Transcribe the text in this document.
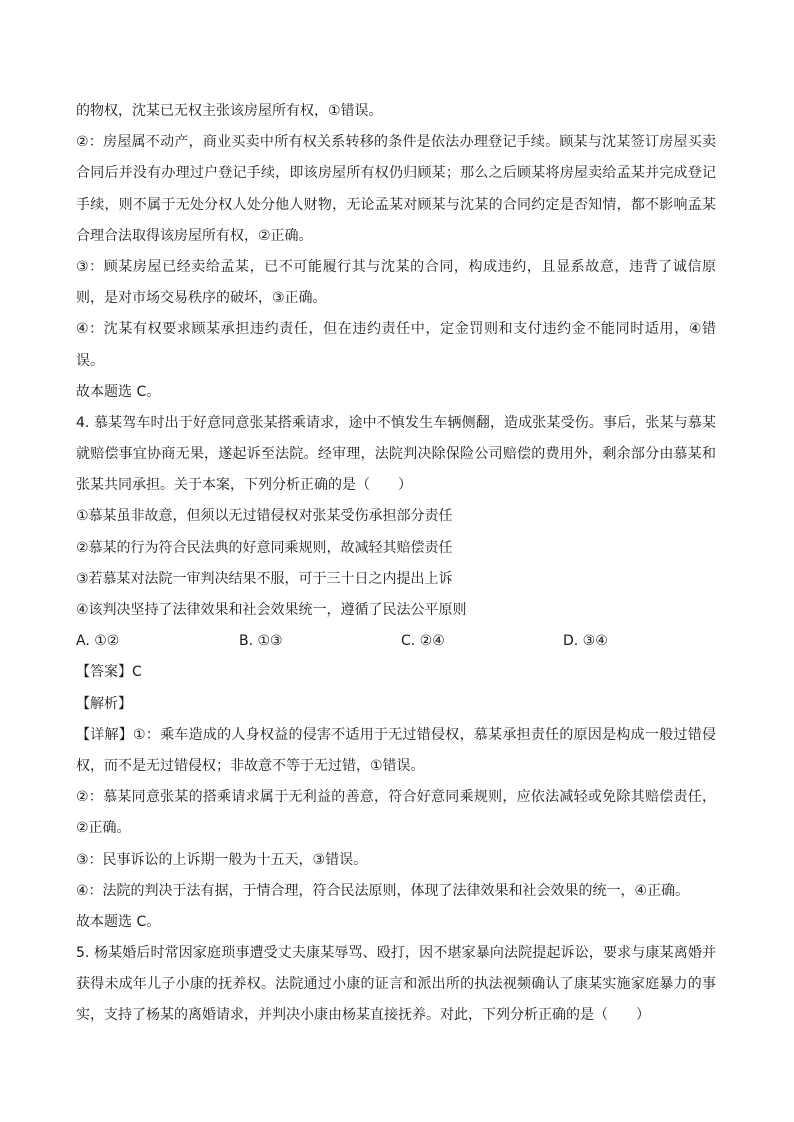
的物权，沈某已无权主张该房屋所有权，①错误。
②：房屋属不动产，商业买卖中所有权关系转移的条件是依法办理登记手续。顾某与沈某签订房屋买卖
合同后并没有办理过户登记手续，即该房屋所有权仍归顾某；那么之后顾某将房屋卖给孟某并完成登记
手续，则不属于无处分权人处分他人财物，无论孟某对顾某与沈某的合同约定是否知情，都不影响孟某
合理合法取得该房屋所有权，②正确。
③：顾某房屋已经卖给孟某，已不可能履行其与沈某的合同，构成违约，且显系故意，违背了诚信原
则，是对市场交易秩序的破坏，③正确。
④：沈某有权要求顾某承担违约责任，但在违约责任中，定金罚则和支付违约金不能同时适用，④错
误。
故本题选 C。
4. 慕某驾车时出于好意同意张某搭乘请求，途中不慎发生车辆侧翻，造成张某受伤。事后，张某与慕某
就赔偿事宜协商无果，遂起诉至法院。经审理，法院判决除保险公司赔偿的费用外，剩余部分由慕某和
张某共同承担。关于本案，下列分析正确的是（　　）
①慕某虽非故意，但须以无过错侵权对张某受伤承担部分责任
②慕某的行为符合民法典的好意同乘规则，故减轻其赔偿责任
③若慕某对法院一审判决结果不服，可于三十日之内提出上诉
④该判决坚持了法律效果和社会效果统一，遵循了民法公平原则
A. ①②	B. ①③	C. ②④	D. ③④
【答案】C
【解析】
【详解】①：乘车造成的人身权益的侵害不适用于无过错侵权，慕某承担责任的原因是构成一般过错侵
权，而不是无过错侵权；非故意不等于无过错，①错误。
②：慕某同意张某的搭乘请求属于无利益的善意，符合好意同乘规则，应依法减轻或免除其赔偿责任，
②正确。
③：民事诉讼的上诉期一般为十五天，③错误。
④：法院的判决于法有据，于情合理，符合民法原则，体现了法律效果和社会效果的统一，④正确。
故本题选 C。
5. 杨某婚后时常因家庭琐事遭受丈夫康某辱骂、殴打，因不堪家暴向法院提起诉讼，要求与康某离婚并
获得未成年儿子小康的抚养权。法院通过小康的证言和派出所的执法视频确认了康某实施家庭暴力的事
实，支持了杨某的离婚请求，并判决小康由杨某直接抚养。对此，下列分析正确的是（　　）
